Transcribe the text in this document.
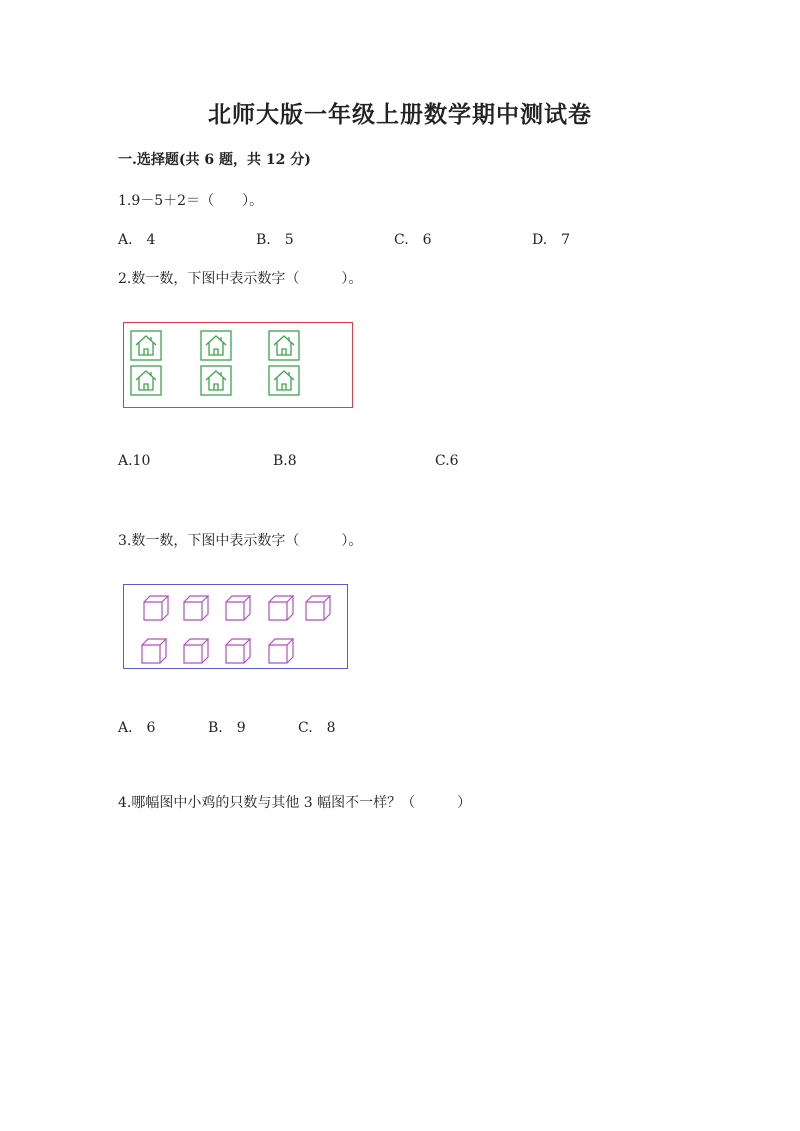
北师大版一年级上册数学期中测试卷
一.选择题(共 6 题，共 12 分)
1.9－5＋2＝（　　）。
A.　4	B.　5	C.　6	D.　7
2.数一数，下图中表示数字（　　　）。
A.10	B.8	C.6
3.数一数，下图中表示数字（　　　）。
A.　6	B.　9	C.　8
4.哪幅图中小鸡的只数与其他 3 幅图不一样？（　　　）
